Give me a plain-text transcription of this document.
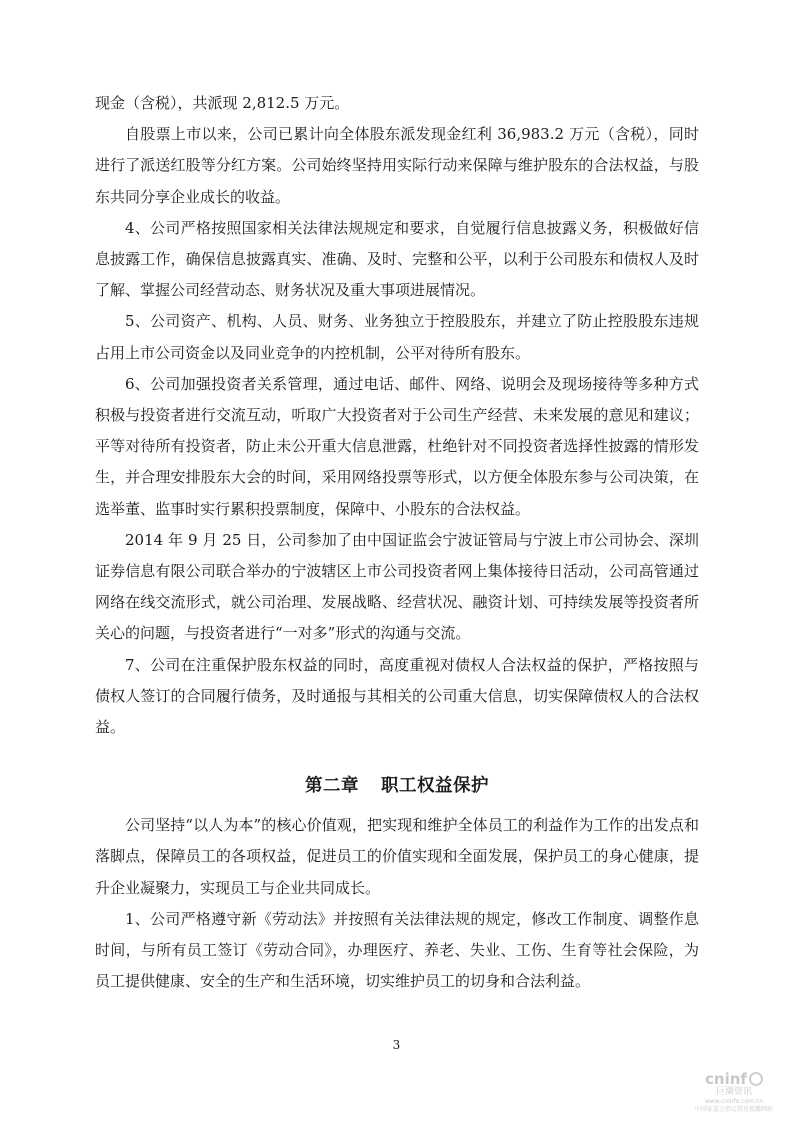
现金（含税），共派现 2,812.5 万元。

自股票上市以来，公司已累计向全体股东派发现金红利 36,983.2 万元（含税），同时进行了派送红股等分红方案。公司始终坚持用实际行动来保障与维护股东的合法权益，与股东共同分享企业成长的收益。

4、公司严格按照国家相关法律法规规定和要求，自觉履行信息披露义务，积极做好信息披露工作，确保信息披露真实、准确、及时、完整和公平，以利于公司股东和债权人及时了解、掌握公司经营动态、财务状况及重大事项进展情况。

5、公司资产、机构、人员、财务、业务独立于控股股东，并建立了防止控股股东违规占用上市公司资金以及同业竞争的内控机制，公平对待所有股东。

6、公司加强投资者关系管理，通过电话、邮件、网络、说明会及现场接待等多种方式积极与投资者进行交流互动，听取广大投资者对于公司生产经营、未来发展的意见和建议；平等对待所有投资者，防止未公开重大信息泄露，杜绝针对不同投资者选择性披露的情形发生，并合理安排股东大会的时间，采用网络投票等形式，以方便全体股东参与公司决策，在选举董、监事时实行累积投票制度，保障中、小股东的合法权益。

2014 年 9 月 25 日，公司参加了由中国证监会宁波证管局与宁波上市公司协会、深圳证券信息有限公司联合举办的宁波辖区上市公司投资者网上集体接待日活动，公司高管通过网络在线交流形式，就公司治理、发展战略、经营状况、融资计划、可持续发展等投资者所关心的问题，与投资者进行“一对多”形式的沟通与交流。

7、公司在注重保护股东权益的同时，高度重视对债权人合法权益的保护，严格按照与债权人签订的合同履行债务，及时通报与其相关的公司重大信息，切实保障债权人的合法权益。

第二章 职工权益保护

公司坚持“以人为本”的核心价值观，把实现和维护全体员工的利益作为工作的出发点和落脚点，保障员工的各项权益，促进员工的价值实现和全面发展，保护员工的身心健康，提升企业凝聚力，实现员工与企业共同成长。

1、公司严格遵守新《劳动法》并按照有关法律法规的规定，修改工作制度、调整作息时间，与所有员工签订《劳动合同》，办理医疗、养老、失业、工伤、生育等社会保险，为员工提供健康、安全的生产和生活环境，切实维护员工的切身和合法利益。

3
cninf
巨潮资讯
www.cninfo.com.cn
中国证监会指定信息披露网站
